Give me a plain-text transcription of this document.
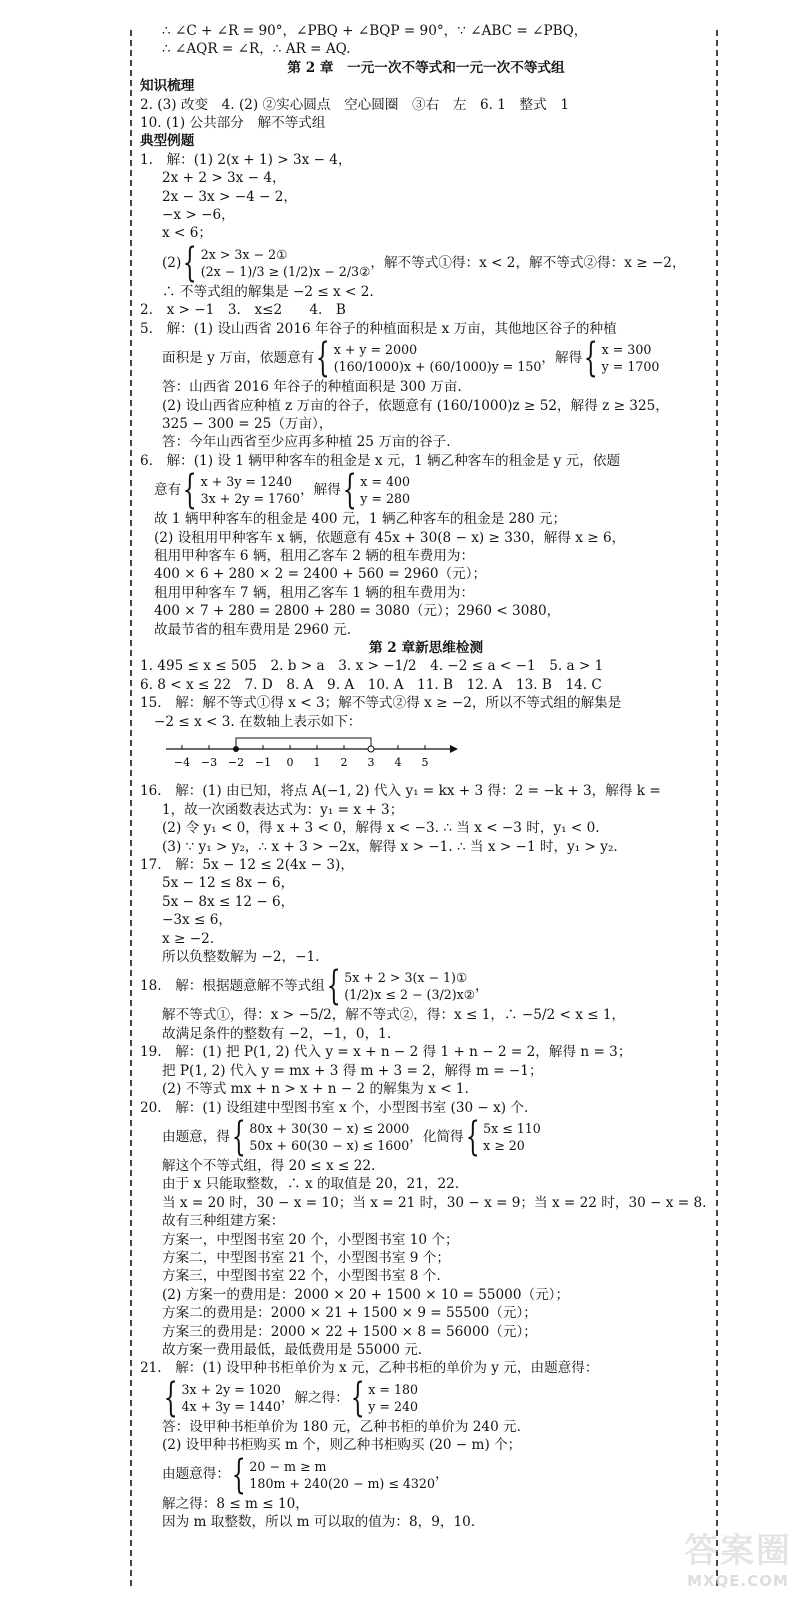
∴ ∠C + ∠R = 90°，∠PBQ + ∠BQP = 90°，∵ ∠ABC = ∠PBQ，
∴ ∠AQR = ∠R，∴ AR = AQ.
第 2 章　一元一次不等式和一元一次不等式组
知识梳理
2. (3) 改变　4. (2) ②实心圆点　空心圆圈　③右　左　6. 1　整式　1
10. (1) 公共部分　解不等式组
典型例题
1.　解：(1) 2(x + 1) > 3x − 4，
2x + 2 > 3x − 4，
2x − 3x > −4 − 2，
−x > −6，
x < 6；
(2) { 2x > 3x − 2①
(2x − 1)/3 ≥ (1/2)x − 2/3②
，解不等式①得：x < 2，解不等式②得：x ≥ −2，
∴ 不等式组的解集是 −2 ≤ x < 2.
2.　x > −1　3.　x≤2　　4.　B
5.　解：(1) 设山西省 2016 年谷子的种植面积是 x 万亩，其他地区谷子的种植
面积是 y 万亩，依题意有 { x + y = 2000
(160/1000)x + (60/1000)y = 150
，解得 { x = 300
y = 1700
答：山西省 2016 年谷子的种植面积是 300 万亩.
(2) 设山西省应种植 z 万亩的谷子，依题意有 (160/1000)z ≥ 52，解得 z ≥ 325，
325 − 300 = 25（万亩），
答：今年山西省至少应再多种植 25 万亩的谷子.
6.　解：(1) 设 1 辆甲种客车的租金是 x 元，1 辆乙种客车的租金是 y 元，依题
意有 { x + 3y = 1240
3x + 2y = 1760
，解得 { x = 400
y = 280
故 1 辆甲种客车的租金是 400 元，1 辆乙种客车的租金是 280 元；
(2) 设租用甲种客车 x 辆，依题意有 45x + 30(8 − x) ≥ 330，解得 x ≥ 6，
租用甲种客车 6 辆，租用乙客车 2 辆的租车费用为：
400 × 6 + 280 × 2 = 2400 + 560 = 2960（元）；
租用甲种客车 7 辆，租用乙客车 1 辆的租车费用为：
400 × 7 + 280 = 2800 + 280 = 3080（元）；2960 < 3080，
故最节省的租车费用是 2960 元.
第 2 章新思维检测
1. 495 ≤ x ≤ 505　2. b > a　3. x > −1/2　4. −2 ≤ a < −1　5. a > 1
6. 8 < x ≤ 22　7. D　8. A　9. A　10. A　11. B　12. A　13. B　14. C
15.　解：解不等式①得 x < 3；解不等式②得 x ≥ −2，所以不等式组的解集是
−2 ≤ x < 3. 在数轴上表示如下：
−4 −3 −2 −1 0 1 2 3 4 5
16.　解：(1) 由已知，将点 A(−1, 2) 代入 y₁ = kx + 3 得：2 = −k + 3，解得 k =
1，故一次函数表达式为：y₁ = x + 3；
(2) 令 y₁ < 0，得 x + 3 < 0，解得 x < −3. ∴ 当 x < −3 时，y₁ < 0.
(3) ∵ y₁ > y₂，∴ x + 3 > −2x，解得 x > −1. ∴ 当 x > −1 时，y₁ > y₂.
17.　解：5x − 12 ≤ 2(4x − 3)，
5x − 12 ≤ 8x − 6，
5x − 8x ≤ 12 − 6，
−3x ≤ 6，
x ≥ −2.
所以负整数解为 −2，−1.
18.　解：根据题意解不等式组 { 5x + 2 > 3(x − 1)①
(1/2)x ≤ 2 − (3/2)x②
，
解不等式①，得：x > −5/2，解不等式②，得：x ≤ 1，∴ −5/2 < x ≤ 1，
故满足条件的整数有 −2，−1，0，1.
19.　解：(1) 把 P(1, 2) 代入 y = x + n − 2 得 1 + n − 2 = 2，解得 n = 3；
把 P(1, 2) 代入 y = mx + 3 得 m + 3 = 2，解得 m = −1；
(2) 不等式 mx + n > x + n − 2 的解集为 x < 1.
20.　解：(1) 设组建中型图书室 x 个，小型图书室 (30 − x) 个.
由题意，得 { 80x + 30(30 − x) ≤ 2000
50x + 60(30 − x) ≤ 1600
，化简得 { 5x ≤ 110
x ≥ 20
解这个不等式组，得 20 ≤ x ≤ 22.
由于 x 只能取整数，∴ x 的取值是 20，21，22.
当 x = 20 时，30 − x = 10；当 x = 21 时，30 − x = 9；当 x = 22 时，30 − x = 8.
故有三种组建方案：
方案一，中型图书室 20 个，小型图书室 10 个；
方案二，中型图书室 21 个，小型图书室 9 个；
方案三，中型图书室 22 个，小型图书室 8 个.
(2) 方案一的费用是：2000 × 20 + 1500 × 10 = 55000（元）；
方案二的费用是：2000 × 21 + 1500 × 9 = 55500（元）；
方案三的费用是：2000 × 22 + 1500 × 8 = 56000（元）；
故方案一费用最低，最低费用是 55000 元.
21.　解：(1) 设甲种书柜单价为 x 元，乙种书柜的单价为 y 元，由题意得：
{ 3x + 2y = 1020
4x + 3y = 1440
，解之得： { x = 180
y = 240
答：设甲种书柜单价为 180 元，乙种书柜的单价为 240 元.
(2) 设甲种书柜购买 m 个，则乙种书柜购买 (20 − m) 个；
由题意得： { 20 − m ≥ m
180m + 240(20 − m) ≤ 4320
，
解之得：8 ≤ m ≤ 10，
因为 m 取整数，所以 m 可以取的值为：8，9，10.
答案圈
MXQE.COM
